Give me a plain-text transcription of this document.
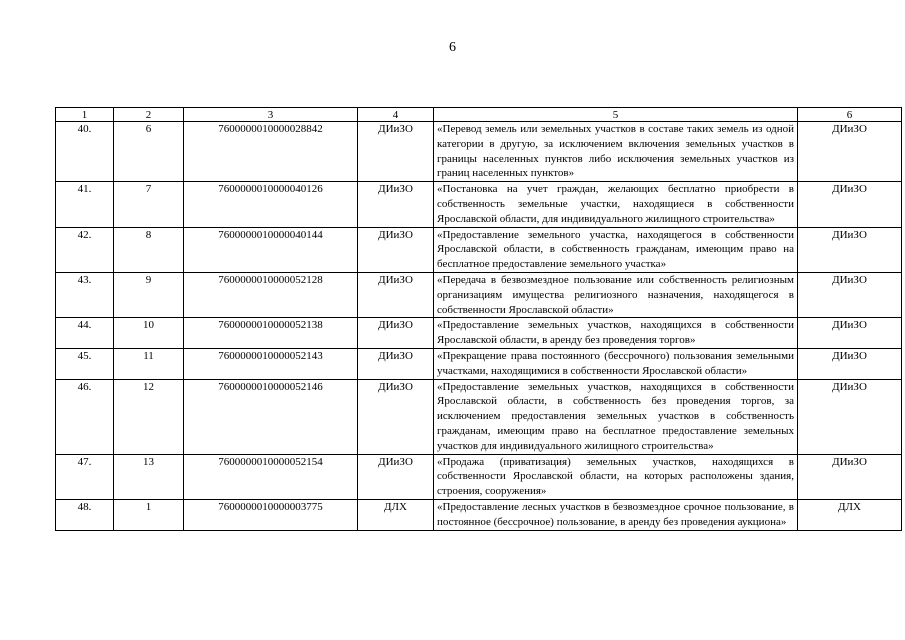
6
1	2	3	4	5	6
40.	6	7600000010000028842	ДИиЗО	«Перевод земель или земельных участков в составе таких земель из одной категории в другую, за исключением включения земельных участков в границы населенных пунктов либо исключения земельных участков из границ населенных пунктов»	ДИиЗО
41.	7	7600000010000040126	ДИиЗО	«Постановка на учет граждан, желающих бесплатно приобрести в собственность земельные участки, находящиеся в собственности Ярославской области, для индивидуального жилищного строительства»	ДИиЗО
42.	8	7600000010000040144	ДИиЗО	«Предоставление земельного участка, находящегося в собственности Ярославской области, в собственность гражданам, имеющим право на бесплатное предоставление земельного участка»	ДИиЗО
43.	9	7600000010000052128	ДИиЗО	«Передача в безвозмездное пользование или собственность религиозным организациям имущества религиозного назначения, находящегося в собственности Ярославской области»	ДИиЗО
44.	10	7600000010000052138	ДИиЗО	«Предоставление земельных участков, находящихся в собственности Ярославской области, в аренду без проведения торгов»	ДИиЗО
45.	11	7600000010000052143	ДИиЗО	«Прекращение права постоянного (бессрочного) пользования земельными участками, находящимися в собственности Ярославской области»	ДИиЗО
46.	12	7600000010000052146	ДИиЗО	«Предоставление земельных участков, находящихся в собственности Ярославской области, в собственность без проведения торгов, за исключением предоставления земельных участков в собственность гражданам, имеющим право на бесплатное предоставление земельных участков для индивидуального жилищного строительства»	ДИиЗО
47.	13	7600000010000052154	ДИиЗО	«Продажа (приватизация) земельных участков, находящихся в собственности Ярославской области, на которых расположены здания, строения, сооружения»	ДИиЗО
48.	1	7600000010000003775	ДЛХ	«Предоставление лесных участков в безвозмездное срочное пользование, в постоянное (бессрочное) пользование, в аренду без проведения аукциона»	ДЛХ
